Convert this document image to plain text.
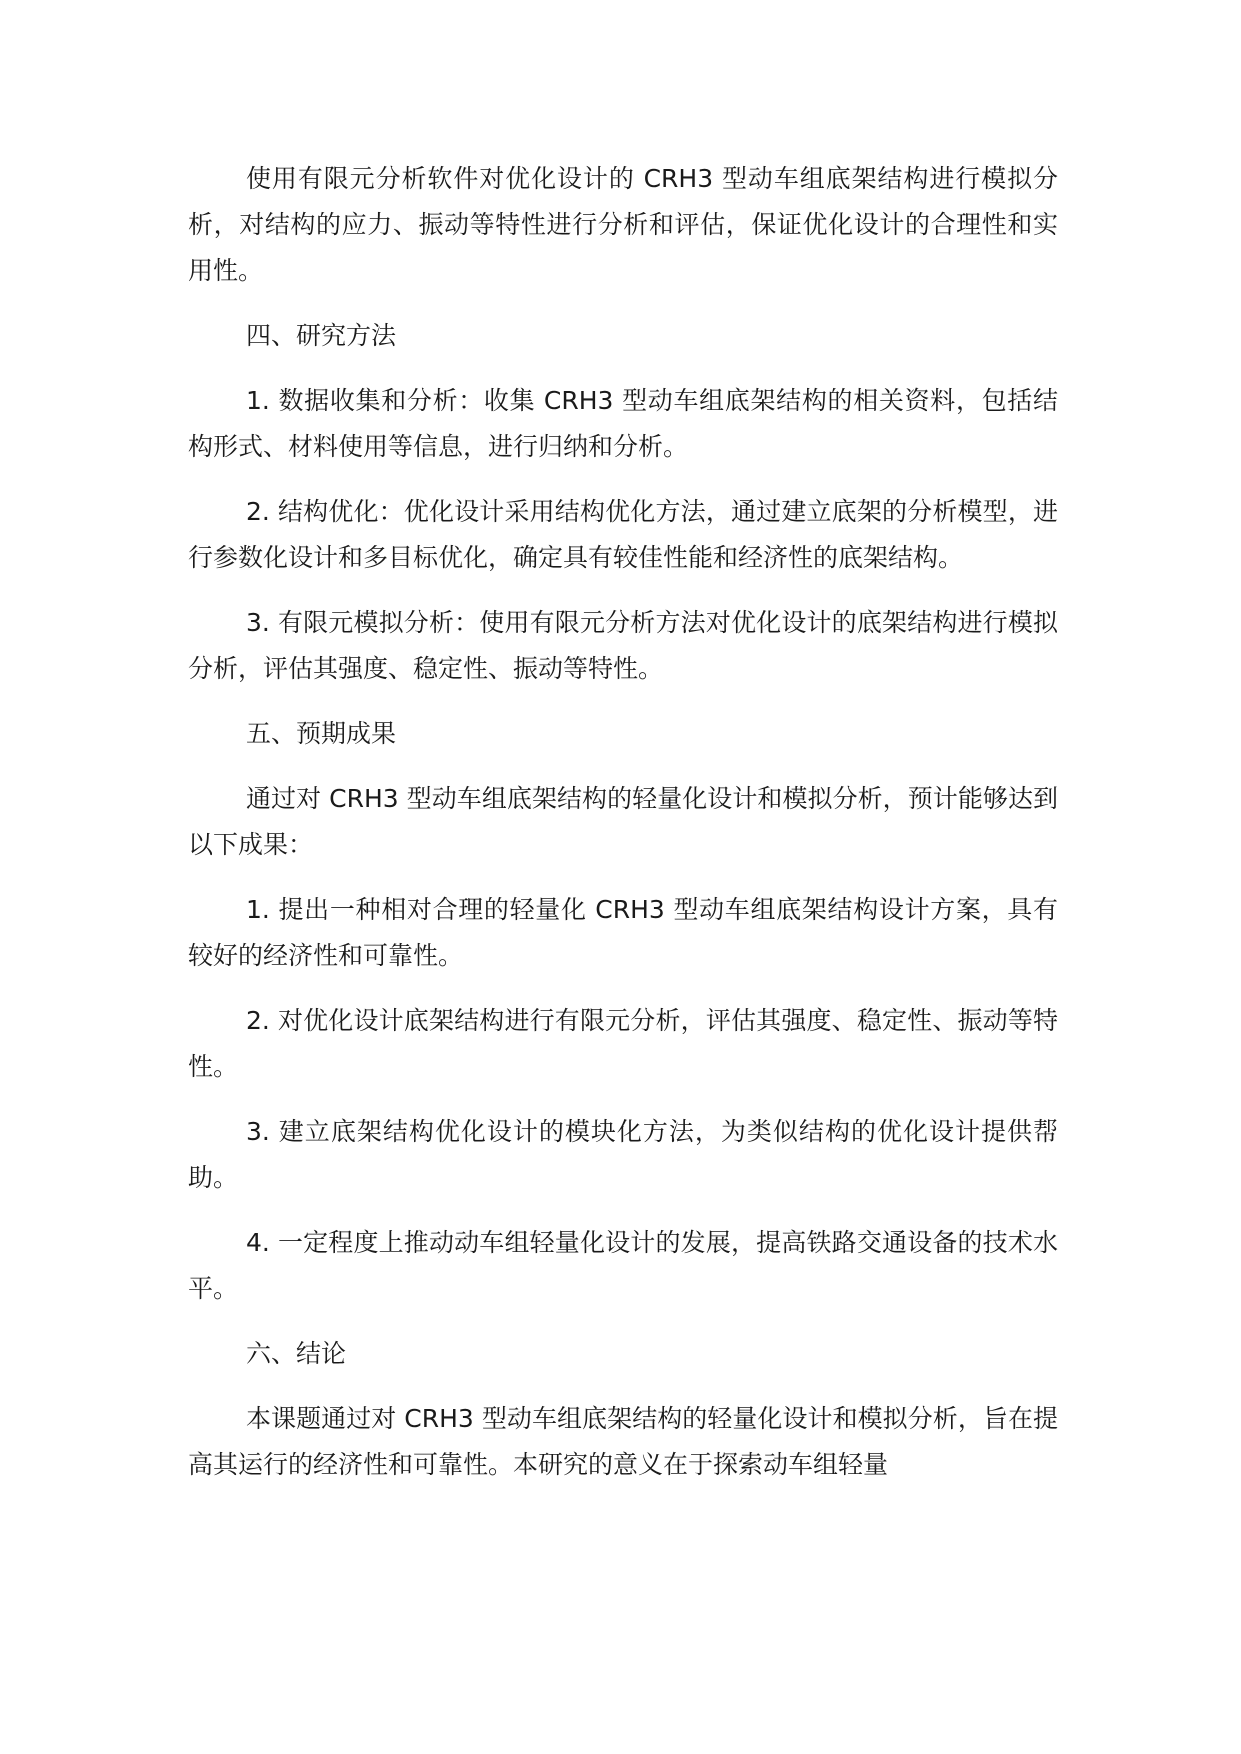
使用有限元分析软件对优化设计的 CRH3 型动车组底架结构进行模拟分析，对结构的应力、振动等特性进行分析和评估，保证优化设计的合理性和实用性。

四、研究方法

1. 数据收集和分析：收集 CRH3 型动车组底架结构的相关资料，包括结构形式、材料使用等信息，进行归纳和分析。

2. 结构优化：优化设计采用结构优化方法，通过建立底架的分析模型，进行参数化设计和多目标优化，确定具有较佳性能和经济性的底架结构。

3. 有限元模拟分析：使用有限元分析方法对优化设计的底架结构进行模拟分析，评估其强度、稳定性、振动等特性。

五、预期成果

通过对 CRH3 型动车组底架结构的轻量化设计和模拟分析，预计能够达到以下成果：

1. 提出一种相对合理的轻量化 CRH3 型动车组底架结构设计方案，具有较好的经济性和可靠性。

2. 对优化设计底架结构进行有限元分析，评估其强度、稳定性、振动等特性。

3. 建立底架结构优化设计的模块化方法，为类似结构的优化设计提供帮助。

4. 一定程度上推动动车组轻量化设计的发展，提高铁路交通设备的技术水平。

六、结论

本课题通过对 CRH3 型动车组底架结构的轻量化设计和模拟分析，旨在提高其运行的经济性和可靠性。本研究的意义在于探索动车组轻量
